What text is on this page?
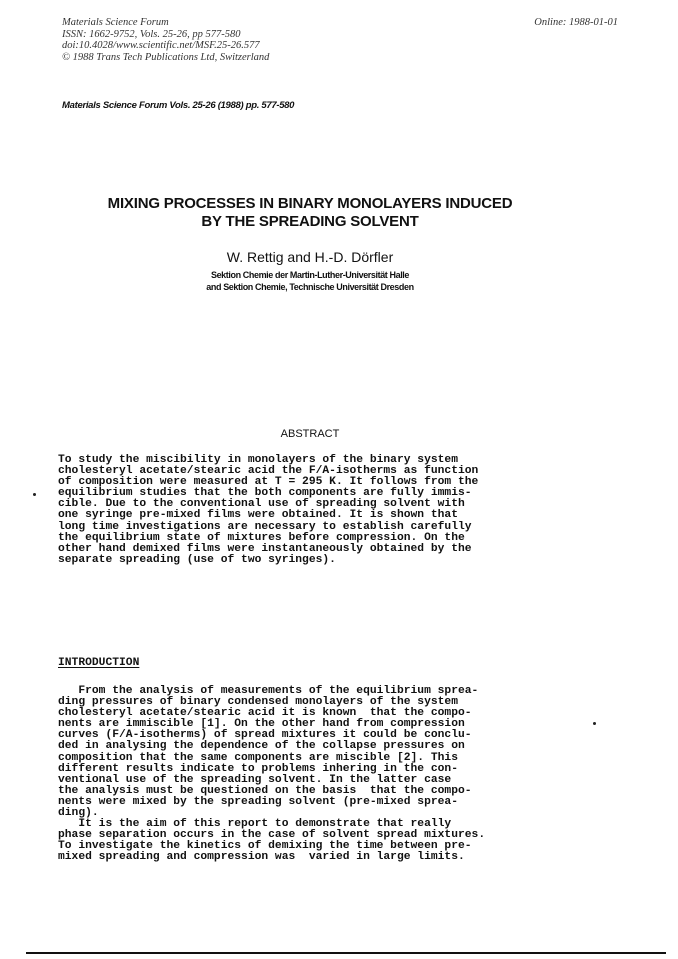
Materials Science Forum
ISSN: 1662-9752, Vols. 25-26, pp 577-580
doi:10.4028/www.scientific.net/MSF.25-26.577
© 1988 Trans Tech Publications Ltd, Switzerland
Online: 1988-01-01
Materials Science Forum Vols. 25-26 (1988) pp. 577-580
MIXING PROCESSES IN BINARY MONOLAYERS INDUCED
BY THE SPREADING SOLVENT
W. Rettig and H.-D. Dörfler
Sektion Chemie der Martin-Luther-Universität Halle
and Sektion Chemie, Technische Universität Dresden
ABSTRACT
To study the miscibility in monolayers of the binary system
cholesteryl acetate/stearic acid the F/A-isotherms as function
of composition were measured at T = 295 K. It follows from the
equilibrium studies that the both components are fully immis-
cible. Due to the conventional use of spreading solvent with
one syringe pre-mixed films were obtained. It is shown that
long time investigations are necessary to establish carefully
the equilibrium state of mixtures before compression. On the
other hand demixed films were instantaneously obtained by the
separate spreading (use of two syringes).
INTRODUCTION
From the analysis of measurements of the equilibrium sprea-
ding pressures of binary condensed monolayers of the system
cholesteryl acetate/stearic acid it is known  that the compo-
nents are immiscible [1]. On the other hand from compression
curves (F/A-isotherms) of spread mixtures it could be conclu-
ded in analysing the dependence of the collapse pressures on
composition that the same components are miscible [2]. This
different results indicate to problems inhering in the con-
ventional use of the spreading solvent. In the latter case
the analysis must be questioned on the basis  that the compo-
nents were mixed by the spreading solvent (pre-mixed sprea-
ding).
It is the aim of this report to demonstrate that really
phase separation occurs in the case of solvent spread mixtures.
To investigate the kinetics of demixing the time between pre-
mixed spreading and compression was  varied in large limits.
